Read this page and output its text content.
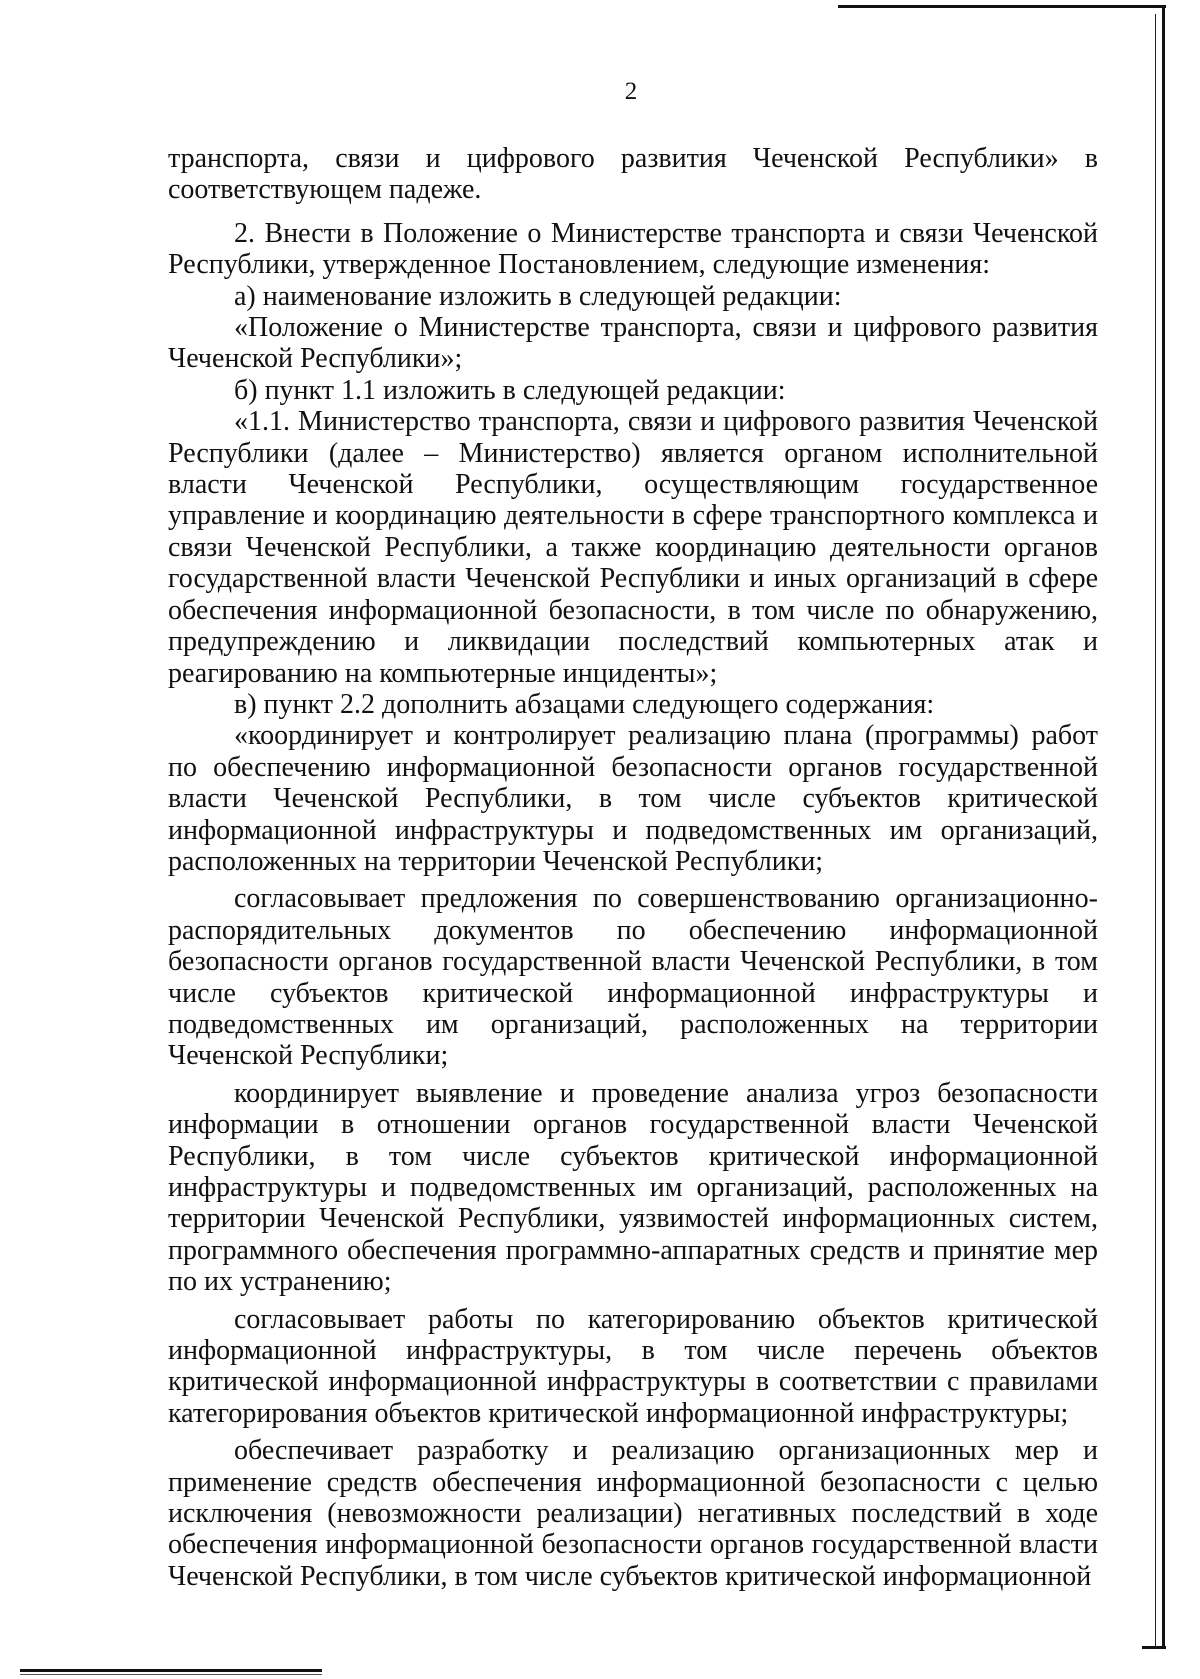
2

транспорта, связи и цифрового развития Чеченской Республики» в соответствующем падеже.

2. Внести в Положение о Министерстве транспорта и связи Чеченской Республики, утвержденное Постановлением, следующие изменения:

а) наименование изложить в следующей редакции:

«Положение о Министерстве транспорта, связи и цифрового развития Чеченской Республики»;

б) пункт 1.1 изложить в следующей редакции:

«1.1. Министерство транспорта, связи и цифрового развития Чеченской Республики (далее – Министерство) является органом исполнительной власти Чеченской Республики, осуществляющим государственное управление и координацию деятельности в сфере транспортного комплекса и связи Чеченской Республики, а также координацию деятельности органов государственной власти Чеченской Республики и иных организаций в сфере обеспечения информационной безопасности, в том числе по обнаружению, предупреждению и ликвидации последствий компьютерных атак и реагированию на компьютерные инциденты»;

в) пункт 2.2 дополнить абзацами следующего содержания:

«координирует и контролирует реализацию плана (программы) работ по обеспечению информационной безопасности органов государственной власти Чеченской Республики, в том числе субъектов критической информационной инфраструктуры и подведомственных им организаций, расположенных на территории Чеченской Республики;

согласовывает предложения по совершенствованию организационно-распорядительных документов по обеспечению информационной безопасности органов государственной власти Чеченской Республики, в том числе субъектов критической информационной инфраструктуры и подведомственных им организаций, расположенных на территории Чеченской Республики;

координирует выявление и проведение анализа угроз безопасности информации в отношении органов государственной власти Чеченской Республики, в том числе субъектов критической информационной инфраструктуры и подведомственных им организаций, расположенных на территории Чеченской Республики, уязвимостей информационных систем, программного обеспечения программно-аппаратных средств и принятие мер по их устранению;

согласовывает работы по категорированию объектов критической информационной инфраструктуры, в том числе перечень объектов критической информационной инфраструктуры в соответствии с правилами категорирования объектов критической информационной инфраструктуры;

обеспечивает разработку и реализацию организационных мер и применение средств обеспечения информационной безопасности с целью исключения (невозможности реализации) негативных последствий в ходе обеспечения информационной безопасности органов государственной власти Чеченской Республики, в том числе субъектов критической информационной
